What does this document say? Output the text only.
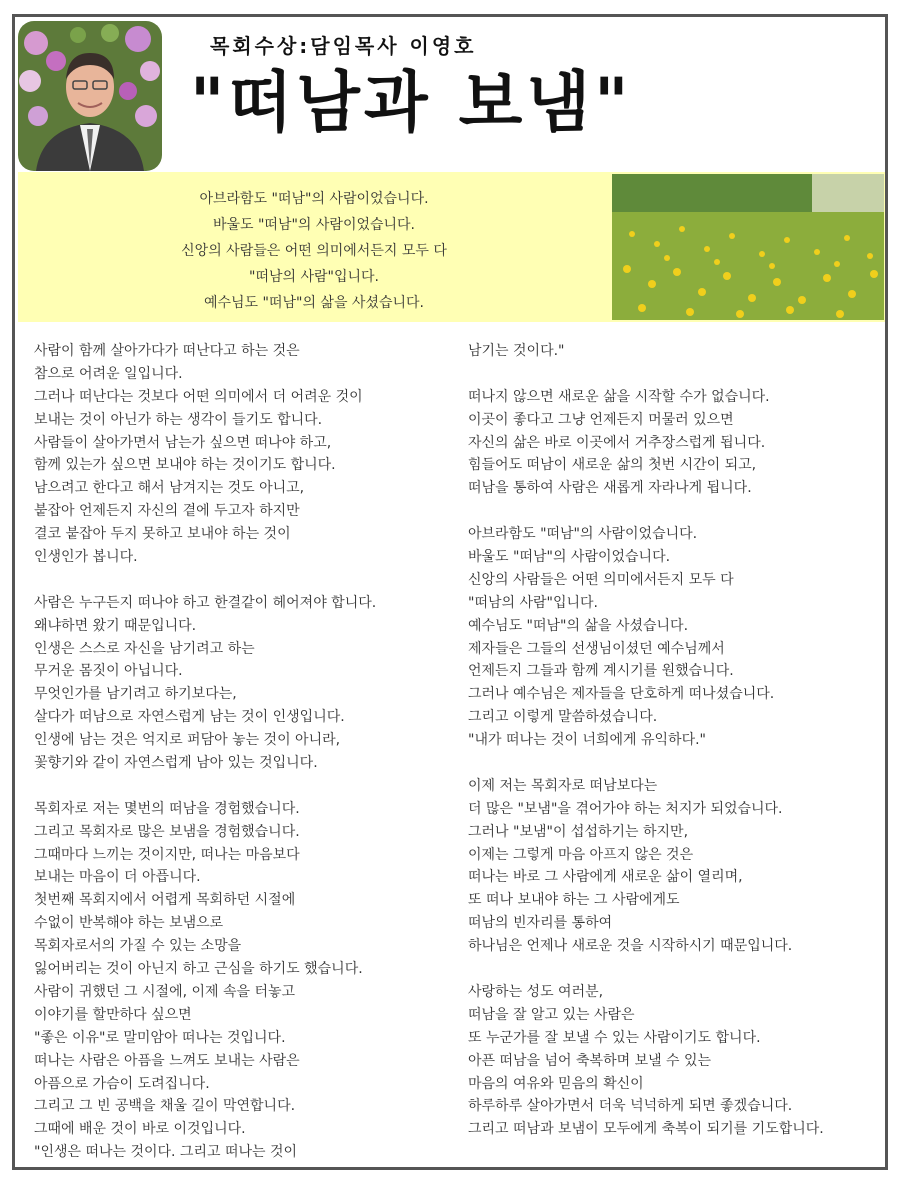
목회수상:담임목사 이영호
"떠남과 보냄"
아브라함도 "떠남"의 사람이었습니다.
바울도 "떠남"의 사람이었습니다.
신앙의 사람들은 어떤 의미에서든지 모두 다
"떠남의 사람"입니다.
예수님도 "떠남"의 삶을 사셨습니다.
사람이 함께 살아가다가 떠난다고 하는 것은
참으로 어려운 일입니다.
그러나 떠난다는 것보다 어떤 의미에서 더 어려운 것이
보내는 것이 아닌가 하는 생각이 들기도 합니다.
사람들이 살아가면서 남는가 싶으면 떠나야 하고,
함께 있는가 싶으면 보내야 하는 것이기도 합니다.
남으려고 한다고 해서 남겨지는 것도 아니고,
붙잡아 언제든지 자신의 곁에 두고자 하지만
결코 붙잡아 두지 못하고 보내야 하는 것이
인생인가 봅니다.
사람은 누구든지 떠나야 하고 한결같이 헤어져야 합니다.
왜냐하면 왔기 때문입니다.
인생은 스스로 자신을 남기려고 하는
무거운 몸짓이 아닙니다.
무엇인가를 남기려고 하기보다는,
살다가 떠남으로 자연스럽게 남는 것이 인생입니다.
인생에 남는 것은 억지로 퍼담아 놓는 것이 아니라,
꽃향기와 같이 자연스럽게 남아 있는 것입니다.
목회자로 저는 몇번의 떠남을 경험했습니다.
그리고 목회자로 많은 보냄을 경험했습니다.
그때마다 느끼는 것이지만, 떠나는 마음보다
보내는 마음이 더 아픕니다.
첫번째 목회지에서 어렵게 목회하던 시절에
수없이 반복해야 하는 보냄으로
목회자로서의 가질 수 있는 소망을
잃어버리는 것이 아닌지 하고 근심을 하기도 했습니다.
사람이 귀했던 그 시절에, 이제 속을 터놓고
이야기를 할만하다 싶으면
"좋은 이유"로 말미암아 떠나는 것입니다.
떠나는 사람은 아픔을 느껴도 보내는 사람은
아픔으로 가슴이 도려집니다.
그리고 그 빈 공백을 채울 길이 막연합니다.
그때에 배운 것이 바로 이것입니다.
"인생은 떠나는 것이다. 그리고 떠나는 것이
남기는 것이다."
떠나지 않으면 새로운 삶을 시작할 수가 없습니다.
이곳이 좋다고 그냥 언제든지 머물러 있으면
자신의 삶은 바로 이곳에서 거추장스럽게 됩니다.
힘들어도 떠남이 새로운 삶의 첫번 시간이 되고,
떠남을 통하여 사람은 새롭게 자라나게 됩니다.
아브라함도 "떠남"의 사람이었습니다.
바울도 "떠남"의 사람이었습니다.
신앙의 사람들은 어떤 의미에서든지 모두 다
"떠남의 사람"입니다.
예수님도 "떠남"의 삶을 사셨습니다.
제자들은 그들의 선생님이셨던 예수님께서
언제든지 그들과 함께 계시기를 원했습니다.
그러나 예수님은 제자들을 단호하게 떠나셨습니다.
그리고 이렇게 말씀하셨습니다.
"내가 떠나는 것이 너희에게 유익하다."
이제 저는 목회자로 떠남보다는
더 많은 "보냄"을 겪어가야 하는 처지가 되었습니다.
그러나 "보냄"이 섭섭하기는 하지만,
이제는 그렇게 마음 아프지 않은 것은
떠나는 바로 그 사람에게 새로운 삶이 열리며,
또 떠나 보내야 하는 그 사람에게도
떠남의 빈자리를 통하여
하나님은 언제나 새로운 것을 시작하시기 때문입니다.
사랑하는 성도 여러분,
떠남을 잘 알고 있는 사람은
또 누군가를 잘 보낼 수 있는 사람이기도 합니다.
아픈 떠남을 넘어 축복하며 보낼 수 있는
마음의 여유와 믿음의 확신이
하루하루 살아가면서 더욱 넉넉하게 되면 좋겠습니다.
그리고 떠남과 보냄이 모두에게 축복이 되기를 기도합니다.
